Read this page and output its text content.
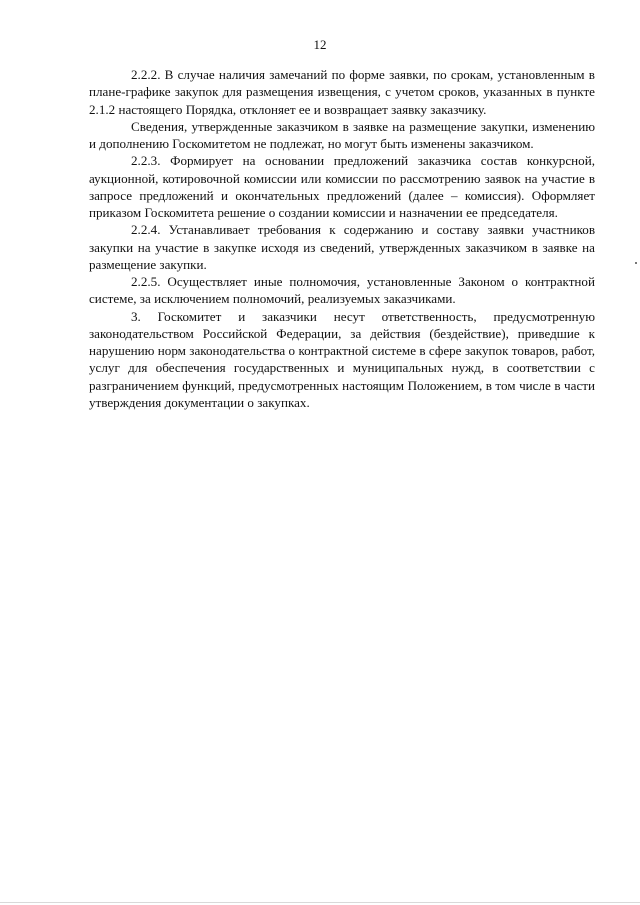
12

2.2.2. В случае наличия замечаний по форме заявки, по срокам, установленным в плане-графике закупок для размещения извещения, с учетом сроков, указанных в пункте 2.1.2 настоящего Порядка, отклоняет ее и возвращает заявку заказчику.

Сведения, утвержденные заказчиком в заявке на размещение закупки, изменению и дополнению Госкомитетом не подлежат, но могут быть изменены заказчиком.

2.2.3. Формирует на основании предложений заказчика состав конкурсной, аукционной, котировочной комиссии или комиссии по рассмотрению заявок на участие в запросе предложений и окончательных предложений (далее – комиссия). Оформляет приказом Госкомитета решение о создании комиссии и назначении ее председателя.

2.2.4. Устанавливает требования к содержанию и составу заявки участников закупки на участие в закупке исходя из сведений, утвержденных заказчиком в заявке на размещение закупки.

2.2.5. Осуществляет иные полномочия, установленные Законом о контрактной системе, за исключением полномочий, реализуемых заказчиками.

3. Госкомитет и заказчики несут ответственность, предусмотренную законодательством Российской Федерации, за действия (бездействие), приведшие к нарушению норм законодательства о контрактной системе в сфере закупок товаров, работ, услуг для обеспечения государственных и муниципальных нужд, в соответствии с разграничением функций, предусмотренных настоящим Положением, в том числе в части утверждения документации о закупках.
